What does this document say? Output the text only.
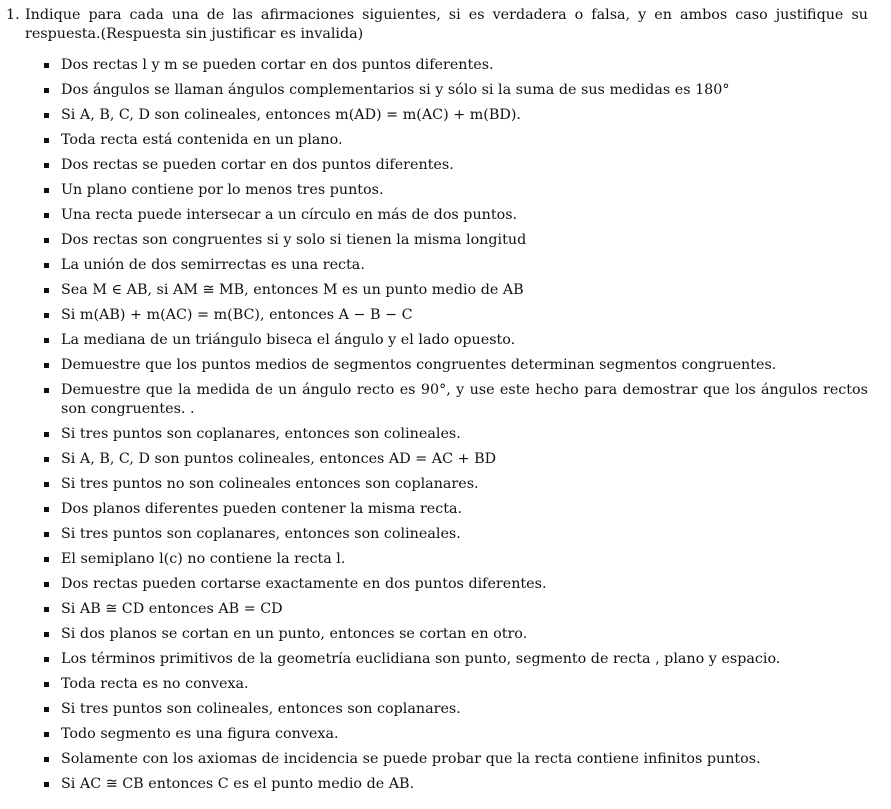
1. Indique para cada una de las afirmaciones siguientes, si es verdadera o falsa, y en ambos caso justifique su respuesta.(Respuesta sin justificar es invalida)
Dos rectas l y m se pueden cortar en dos puntos diferentes.
Dos ángulos se llaman ángulos complementarios si y sólo si la suma de sus medidas es 180°
Si A, B, C, D son colineales, entonces m(AD) = m(AC) + m(BD).
Toda recta está contenida en un plano.
Dos rectas se pueden cortar en dos puntos diferentes.
Un plano contiene por lo menos tres puntos.
Una recta puede intersecar a un círculo en más de dos puntos.
Dos rectas son congruentes si y solo si tienen la misma longitud
La unión de dos semirrectas es una recta.
Sea M ∈ AB, si AM ≅ MB, entonces M es un punto medio de AB
Si m(AB) + m(AC) = m(BC), entonces A − B − C
La mediana de un triángulo biseca el ángulo y el lado opuesto.
Demuestre que los puntos medios de segmentos congruentes determinan segmentos congruentes.
Demuestre que la medida de un ángulo recto es 90°, y use este hecho para demostrar que los ángulos rectos son congruentes. .
Si tres puntos son coplanares, entonces son colineales.
Si A, B, C, D son puntos colineales, entonces AD = AC + BD
Si tres puntos no son colineales entonces son coplanares.
Dos planos diferentes pueden contener la misma recta.
Si tres puntos son coplanares, entonces son colineales.
El semiplano l(c) no contiene la recta l.
Dos rectas pueden cortarse exactamente en dos puntos diferentes.
Si AB ≅ CD entonces AB = CD
Si dos planos se cortan en un punto, entonces se cortan en otro.
Los términos primitivos de la geometría euclidiana son punto, segmento de recta , plano y espacio.
Toda recta es no convexa.
Si tres puntos son colineales, entonces son coplanares.
Todo segmento es una figura convexa.
Solamente con los axiomas de incidencia se puede probar que la recta contiene infinitos puntos.
Si AC ≅ CB entonces C es el punto medio de AB.
